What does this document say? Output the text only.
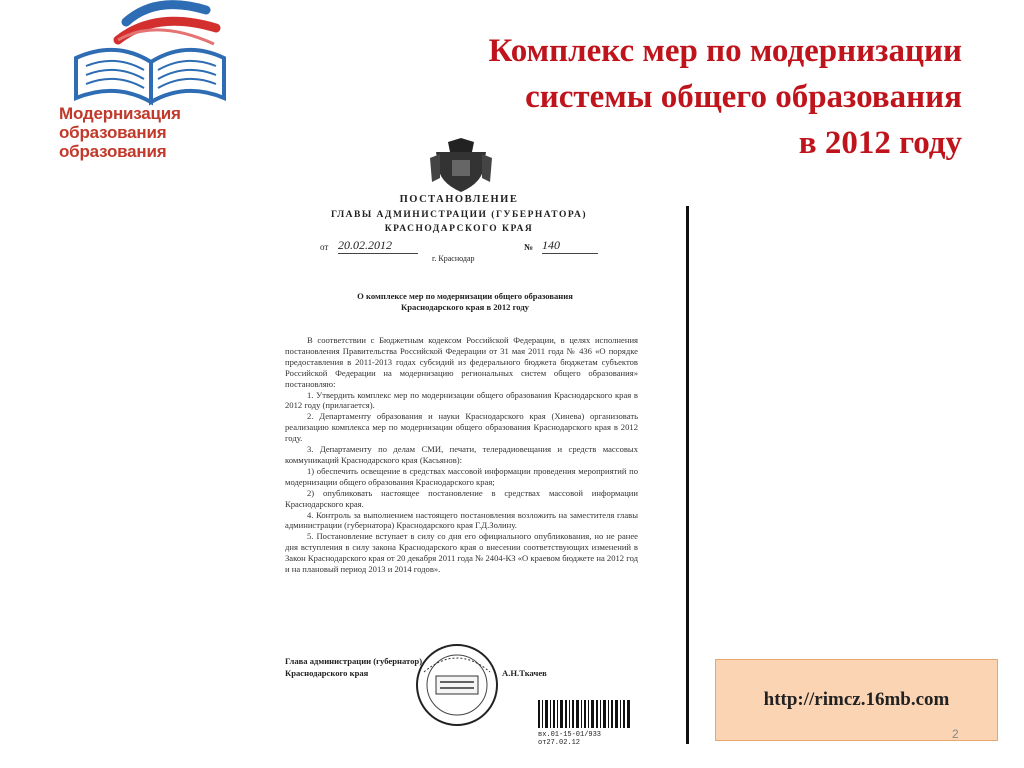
Модернизация
образования
образования
Комплекс мер по модернизации
системы общего образования
в 2012 году
ПОСТАНОВЛЕНИЕ
ГЛАВЫ АДМИНИСТРАЦИИ (ГУБЕРНАТОРА)
КРАСНОДАРСКОГО КРАЯ
от 20.02.2012	№ 140
г. Краснодар
О комплексе мер по модернизации общего образования
Краснодарского края в 2012 году

В соответствии с Бюджетным кодексом Российской Федерации, в целях исполнения постановления Правительства Российской Федерации от 31 мая 2011 года № 436 «О порядке предоставления в 2011-2013 годах субсидий из федерального бюджета бюджетам субъектов Российской Федерации на модернизацию региональных систем общего образования» постановляю:

1. Утвердить комплекс мер по модернизации общего образования Краснодарского края в 2012 году (прилагается).

2. Департаменту образования и науки Краснодарского края (Хинева) организовать реализацию комплекса мер по модернизации общего образования Краснодарского края в 2012 году.

3. Департаменту по делам СМИ, печати, телерадиовещания и средств массовых коммуникаций Краснодарского края (Касьянов):

1) обеспечить освещение в средствах массовой информации проведения мероприятий по модернизации общего образования Краснодарского края;

2) опубликовать настоящее постановление в средствах массовой информации Краснодарского края.

4. Контроль за выполнением настоящего постановления возложить на заместителя главы администрации (губернатора) Краснодарского края Г.Д.Золину.

5. Постановление вступает в силу со дня его официального опубликования, но не ранее дня вступления в силу закона Краснодарского края о внесении соответствующих изменений в Закон Краснодарского края от 20 декабря 2011 года № 2404-КЗ «О краевом бюджете на 2012 год и на плановый период 2013 и 2014 годов».

Глава администрации (губернатор)
Краснодарского края	А.Н.Ткачев
вх.01-15-01/933 от27.02.12
http://rimcz.16mb.com
2
